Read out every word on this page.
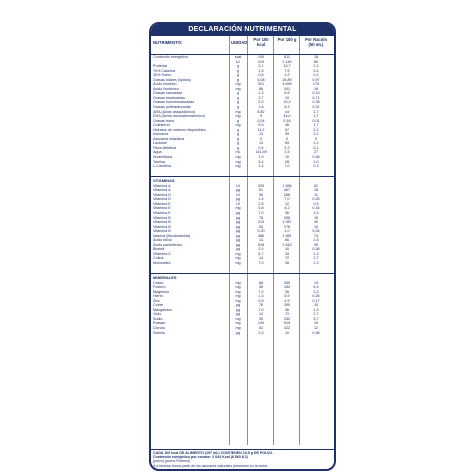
DECLARACIÓN NUTRIMENTAL
NUTRIMENTO:	UNIDAD
Por 100 kcal
Por 100 g	Por Ración (50 mL)
Contenido energético	kcal	100	511	18
kJ	419	2 140	80
Proteína	g	2,1	10,7	2,1
70% Caseína	g	1,5	7,5	0,4
30% Suero	g	0,6	3,2	0,1
Grasas totales (lípidos)	g	5,08	25,89	0,97
Ácido linoleico	mg	921	4 699	176
Ácido linolénico	mg	86	441	16
Grasas saturadas	g	1,3	6,5	0,19
Grasas insaturadas	g	3,7	19	0,71
Grasas monoinsaturadas	g	2,0	10,3	0,38
Grasas poliinsaturadas	g	1,6	8,3	0,31
ARA (Ácido araquidónico)	mg	8,82	44	1,7
DHA (Ácido docosahexaenoico)	mg	9	44,0	1,7
Grasas trans	g	0,04	0,16	0,01
Colesterol	mg	6,9	46	1,7
Hidratos de carbono disponibles	g	11,2	57	2,1
Azúcares	g	13	59	2,2
Azúcares añadidos	g	0	0	0
Lactosa*	g	13	59	2,2
Fibra dietética	g	0,4	2,2	0,1
Agua	mL	141,59	2,5	27
Nucleótidos	mg	1,9	10	0,36
Taurina	mg	5,4	28	1,0
L-Carnitina	mg	1,4	7,0	0,3
VITAMINAS
Vitamina A	UI	325	1 656	62
Vitamina A	µg	91	467	18
Vitamina D	UI	56	286	11
Vitamina D	µg	1,4	7,0	0,26
Vitamina E	UI	2,5	12	0,5
Vitamina E	mg	0,8	4,2	0,16
Vitamina K	µg	7,0	36	1,3
Vitamina B	µg	78	398	15
Vitamina B	µg	213	1 087	40
Vitamina B	µg	54	276	10
Vitamina B	µg	0,20	1,0	0,04
Niacina (Nicotinamida)	µg	386	1 981	74
Ácido fólico	µg	13	66	2,5
Ácido pantoténico	µg	518	2 642	99
Biotina	µg	2,0	10	0,38
Vitamina C	mg	6,7	34	1,3
Colina	mg	14	72	2,7
Mioinositol	mg	7,0	36	1,3
MINERALES
Calcio	mg	68	350	13
Fósforo	mg	36	184	6,9
Magnesio	mg	7,0	36	1,3
Hierro	mg	1,3	6,9	0,26
Zinc	mg	0,9	4,5	0,17
Cobre	µg	76	390	15
Manganeso	µg	7,0	36	1,3
Yodo	µg	14	72	2,7
Sodio	mg	30	152	5,7
Potasio	mg	100	510	19
Cloruro	mg	63	322	12
Selenio	µg	2,0	10	0,38
CADA 100 kcal DE ALIMENTO (157 mL) CONTIENEN 19,5 g DE POLVO.
Contenido energético por envase: 2 044 Kcal (8 560 KJ)
(polvo) (porno Rotenol)
*La lactosa forma parte de los azúcares naturales presentes en la leche.
